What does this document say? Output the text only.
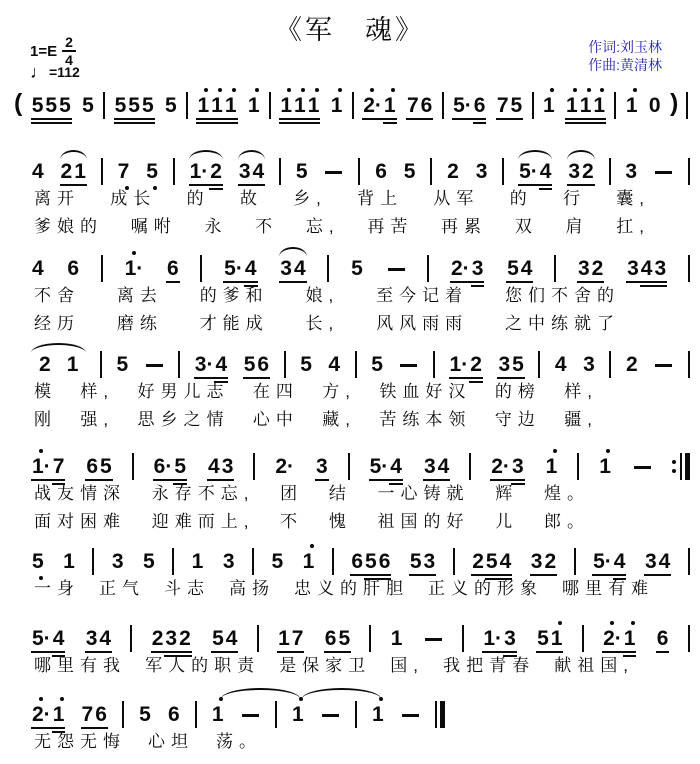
《军　魂》
$1=E \frac{2}{4}$
♩ =112
作词:刘玉林
作曲:黄清林
( 5 5 5 5 5 5 5 5 1 1 1 1 1 1 1 1 2· 1 7 6 5· 6 7 5 1 1 1 1 1 0 )
4 2 1 7 5 1· 2 3 4 5	6 5 2 3 5· 4 3 2 3
离开 成长 的 故 乡, 背上 从军 的 行 囊,
爹娘的 嘱咐 永 不 忘, 再苦 再累 双 肩 扛,
4 6 1· 6 5· 4 3 4 5	2· 3 5 4 3 2 3 4 3
不舍 离去 的爹和 娘, 至今记着 您们不舍的
经历 磨练 才能成 长, 风风雨雨 之中练就了
2 1 5	3· 4 5 6 5 4 5	1· 2 3 5 4 3 2
模 样, 好男儿志 在四 方, 铁血好汉 的榜 样,
刚 强, 思乡之情 心中 藏, 苦练本领 守边 疆,
1· 7 6 5 6· 5 4 3 2· 3 5· 4 3 4 2· 3 1 1
战友情深 永存不忘, 团 结 一心铸就 辉 煌。
面对困难 迎难而上, 不 愧 祖国的好 儿 郎。
5 1 3 5 1 3 5 1 6 5 6 5 3 2 5 4 3 2 5· 4 3 4
一身 正气 斗志 高扬 忠义的肝胆 正义的形象 哪里有难
5· 4 3 4 2 3 2 5 4 1 7 6 5 1	1· 3 5 1 2· 1 6
哪里有我 军人的职责 是保家卫 国, 我把青春 献祖国,
2· 1 7 6 5 6 1	1	1
无怨无悔 心坦 荡。
